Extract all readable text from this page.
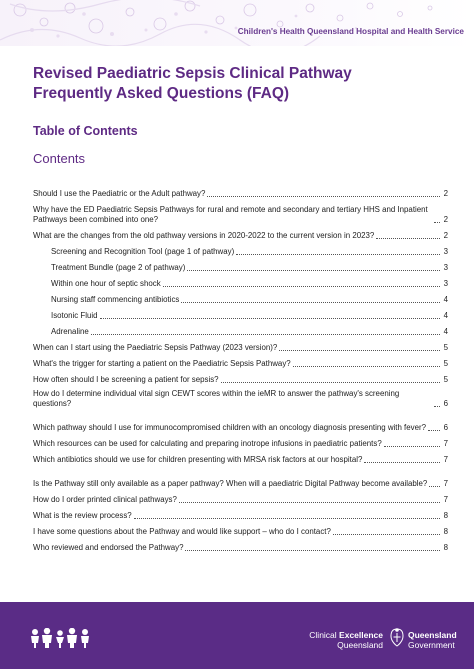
Children's Health Queensland Hospital and Health Service
Revised Paediatric Sepsis Clinical Pathway
Frequently Asked Questions (FAQ)
Table of Contents
Contents
Should I use the Paediatric or the Adult pathway?	2
Why have the ED Paediatric Sepsis Pathways for rural and remote and secondary and tertiary HHS and Inpatient Pathways been combined into one?	2
What are the changes from the old pathway versions in 2020-2022 to the current version in 2023?	2
Screening and Recognition Tool (page 1 of pathway)	3
Treatment Bundle (page 2 of pathway)	3
Within one hour of septic shock	3
Nursing staff commencing antibiotics	4
Isotonic Fluid	4
Adrenaline	4
When can I start using the Paediatric Sepsis Pathway (2023 version)?	5
What's the trigger for starting a patient on the Paediatric Sepsis Pathway?	5
How often should I be screening a patient for sepsis?	5
How do I determine individual vital sign CEWT scores within the ieMR to answer the pathway's screening questions?	6
Which pathway should I use for immunocompromised children with an oncology diagnosis presenting with fever? 6
Which resources can be used for calculating and preparing inotrope infusions in paediatric patients?	7
Which antibiotics should we use for children presenting with MRSA risk factors at our hospital?	7
Is the Pathway still only available as a paper pathway? When will a paediatric Digital Pathway become available? 7
How do I order printed clinical pathways?	7
What is the review process?	8
I have some questions about the Pathway and would like support – who do I contact?	8
Who reviewed and endorsed the Pathway?	8
Clinical Excellence
Queensland
Queensland
Government
